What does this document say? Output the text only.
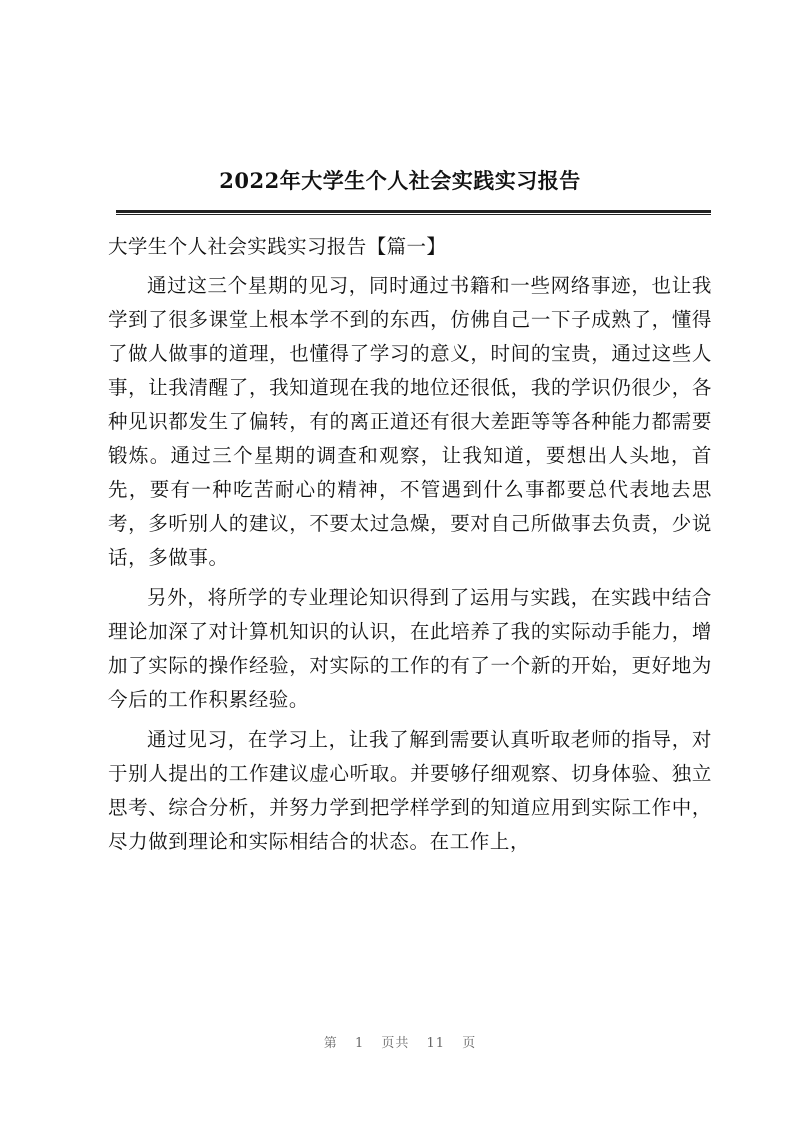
2022年大学生个人社会实践实习报告
大学生个人社会实践实习报告【篇一】

通过这三个星期的见习，同时通过书籍和一些网络事迹，也让我学到了很多课堂上根本学不到的东西，仿佛自己一下子成熟了，懂得了做人做事的道理，也懂得了学习的意义，时间的宝贵，通过这些人事，让我清醒了，我知道现在我的地位还很低，我的学识仍很少，各种见识都发生了偏转，有的离正道还有很大差距等等各种能力都需要锻炼。通过三个星期的调查和观察，让我知道，要想出人头地，首先，要有一种吃苦耐心的精神，不管遇到什么事都要总代表地去思考，多听别人的建议，不要太过急燥，要对自己所做事去负责，少说话，多做事。

另外，将所学的专业理论知识得到了运用与实践，在实践中结合理论加深了对计算机知识的认识，在此培养了我的实际动手能力，增加了实际的操作经验，对实际的工作的有了一个新的开始，更好地为今后的工作积累经验。

通过见习，在学习上，让我了解到需要认真听取老师的指导，对于别人提出的工作建议虚心听取。并要够仔细观察、切身体验、独立思考、综合分析，并努力学到把学样学到的知道应用到实际工作中，尽力做到理论和实际相结合的状态。在工作上，

第 1 页共 11 页
